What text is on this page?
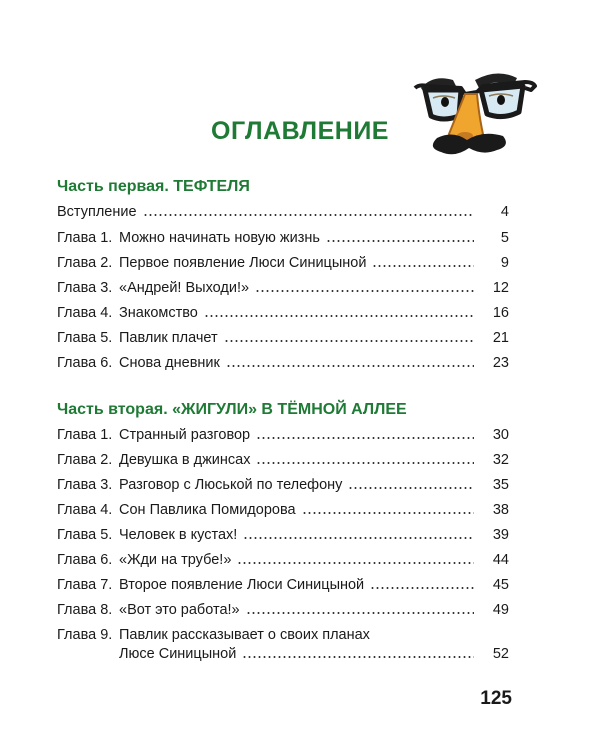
ОГЛАВЛЕНИЕ
Часть первая. ТЕФТЕЛЯ
Вступление	4
Глава 1. Можно начинать новую жизнь	5
Глава 2. Первое появление Люси Синицыной	9
Глава 3. «Андрей! Выходи!»	12
Глава 4. Знакомство	16
Глава 5. Павлик плачет	21
Глава 6. Снова дневник	23
Часть вторая. «ЖИГУЛИ» В ТЁМНОЙ АЛЛЕЕ
Глава 1. Странный разговор	30
Глава 2. Девушка в джинсах	32
Глава 3. Разговор с Люськой по телефону	35
Глава 4. Сон Павлика Помидорова	38
Глава 5. Человек в кустах!	39
Глава 6. «Жди на трубе!»	44
Глава 7. Второе появление Люси Синицыной	45
Глава 8. «Вот это работа!»	49
Глава 9. Павлик рассказывает о своих планах
Люсе Синицыной	52
125
